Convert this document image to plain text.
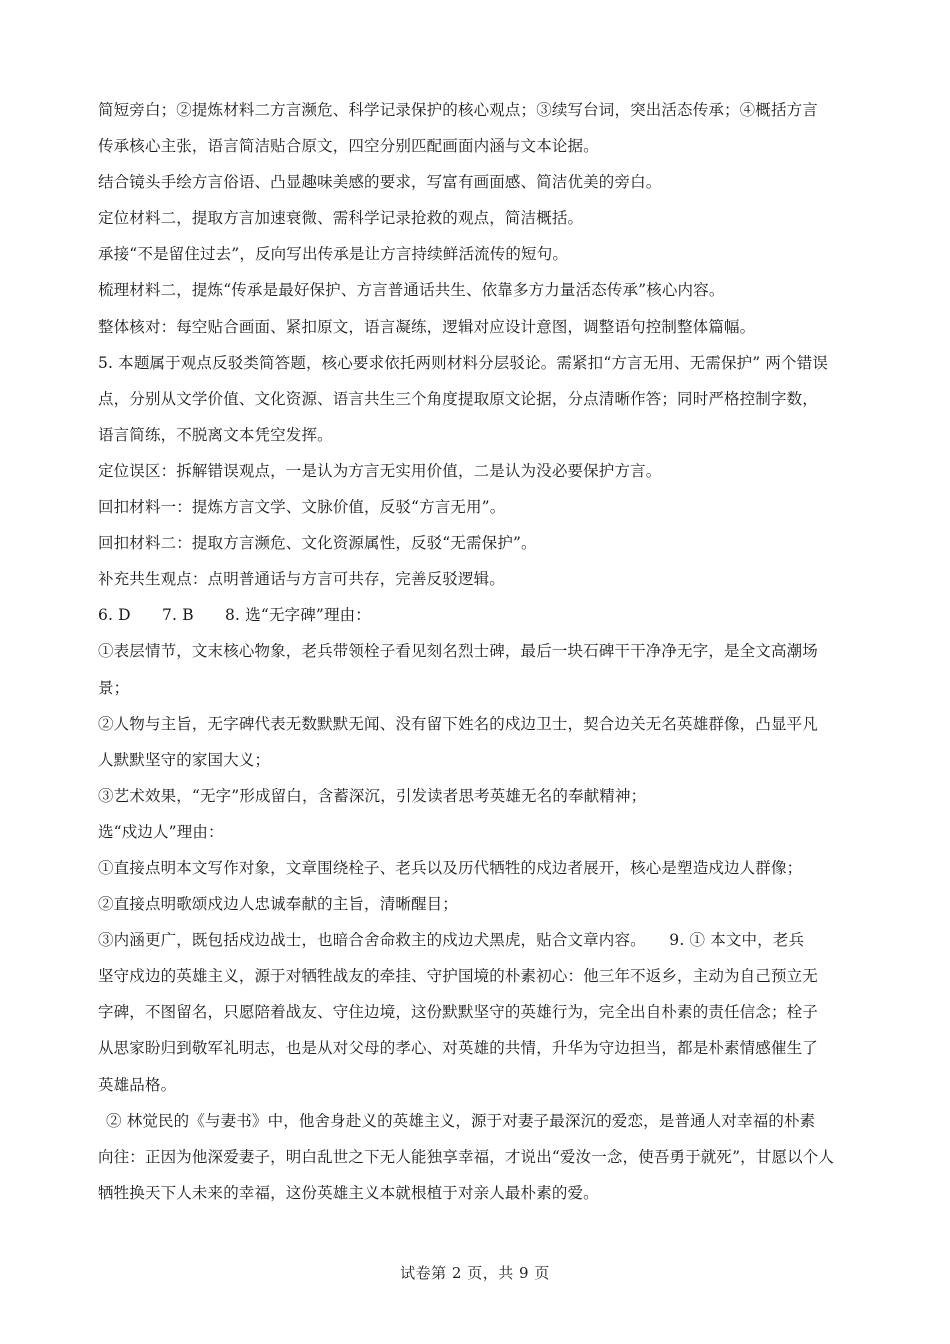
简短旁白；②提炼材料二方言濒危、科学记录保护的核心观点；③续写台词，突出活态传承；④概括方言
传承核心主张，语言简洁贴合原文，四空分别匹配画面内涵与文本论据。
结合镜头手绘方言俗语、凸显趣味美感的要求，写富有画面感、简洁优美的旁白。
定位材料二，提取方言加速衰微、需科学记录抢救的观点，简洁概括。
承接“不是留住过去”，反向写出传承是让方言持续鲜活流传的短句。
梳理材料二，提炼“传承是最好保护、方言普通话共生、依靠多方力量活态传承”核心内容。
整体核对：每空贴合画面、紧扣原文，语言凝练，逻辑对应设计意图，调整语句控制整体篇幅。
5. 本题属于观点反驳类简答题，核心要求依托两则材料分层驳论。需紧扣“方言无用、无需保护” 两个错误
点，分别从文学价值、文化资源、语言共生三个角度提取原文论据，分点清晰作答；同时严格控制字数，
语言简练，不脱离文本凭空发挥。
定位误区：拆解错误观点，一是认为方言无实用价值，二是认为没必要保护方言。
回扣材料一：提炼方言文学、文脉价值，反驳“方言无用”。
回扣材料二：提取方言濒危、文化资源属性，反驳“无需保护”。
补充共生观点：点明普通话与方言可共存，完善反驳逻辑。
6. D　　7. B　　8. 选“无字碑”理由：
①表层情节，文末核心物象，老兵带领栓子看见刻名烈士碑，最后一块石碑干干净净无字，是全文高潮场
景；
②人物与主旨，无字碑代表无数默默无闻、没有留下姓名的戍边卫士，契合边关无名英雄群像，凸显平凡
人默默坚守的家国大义；
③艺术效果，“无字”形成留白，含蓄深沉，引发读者思考英雄无名的奉献精神；
选“戍边人”理由：
①直接点明本文写作对象，文章围绕栓子、老兵以及历代牺牲的戍边者展开，核心是塑造戍边人群像；
②直接点明歌颂戍边人忠诚奉献的主旨，清晰醒目；
③内涵更广，既包括戍边战士，也暗合舍命救主的戍边犬黑虎，贴合文章内容。　　9. ① 本文中，老兵
坚守戍边的英雄主义，源于对牺牲战友的牵挂、守护国境的朴素初心：他三年不返乡，主动为自己预立无
字碑，不图留名，只愿陪着战友、守住边境，这份默默坚守的英雄行为，完全出自朴素的责任信念；栓子
从思家盼归到敬军礼明志，也是从对父母的孝心、对英雄的共情，升华为守边担当，都是朴素情感催生了
英雄品格。
② 林觉民的《与妻书》中，他舍身赴义的英雄主义，源于对妻子最深沉的爱恋，是普通人对幸福的朴素
向往：正因为他深爱妻子，明白乱世之下无人能独享幸福，才说出“爱汝一念，使吾勇于就死”，甘愿以个人
牺牲换天下人未来的幸福，这份英雄主义本就根植于对亲人最朴素的爱。
试卷第 2 页，共 9 页
